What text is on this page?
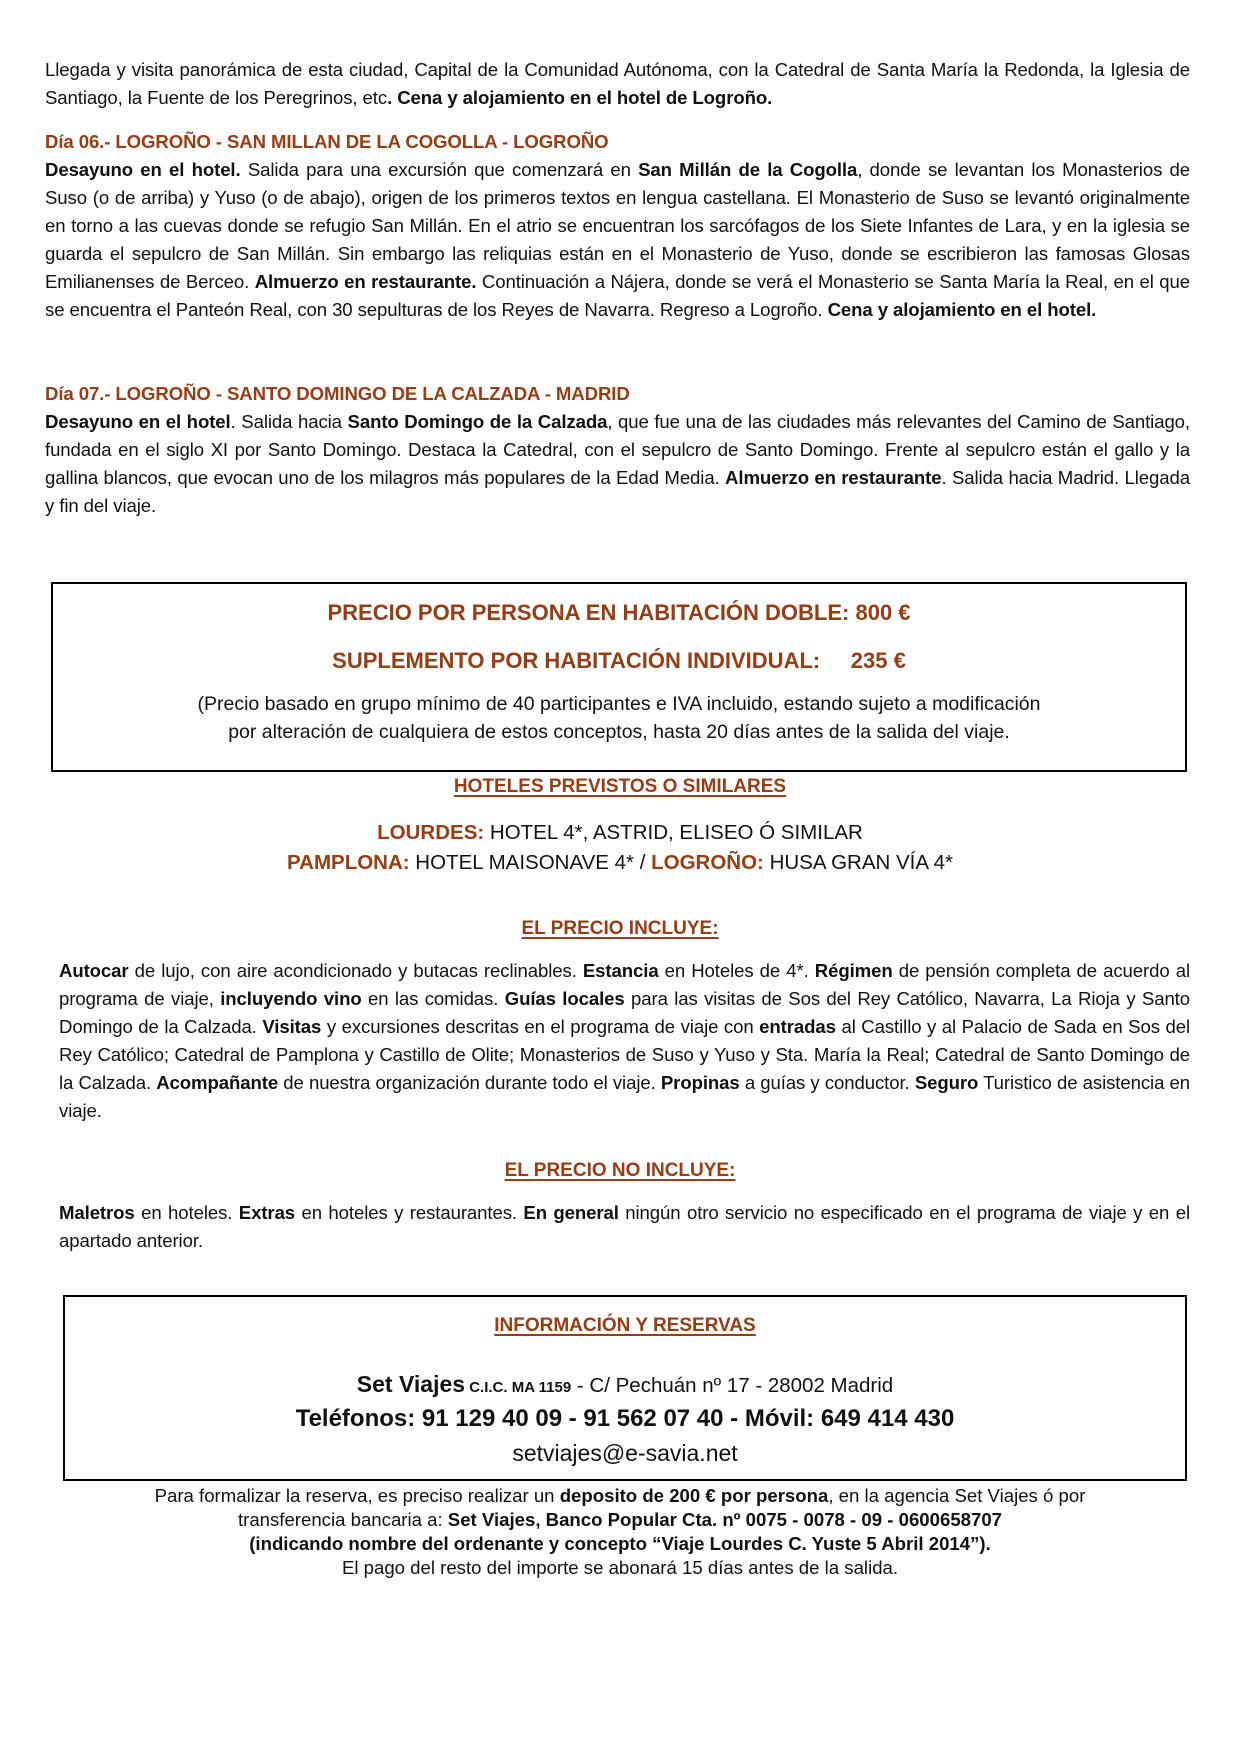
Llegada y visita panorámica de esta ciudad, Capital de la Comunidad Autónoma, con la Catedral de Santa María la Redonda, la Iglesia de Santiago, la Fuente de los Peregrinos, etc. Cena y alojamiento en el hotel de Logroño.
Día 06.- LOGROÑO - SAN MILLAN DE LA COGOLLA - LOGROÑO
Desayuno en el hotel. Salida para una excursión que comenzará en San Millán de la Cogolla, donde se levantan los Monasterios de Suso (o de arriba) y Yuso (o de abajo), origen de los primeros textos en lengua castellana. El Monasterio de Suso se levantó originalmente en torno a las cuevas donde se refugio San Millán. En el atrio se encuentran los sarcófagos de los Siete Infantes de Lara, y en la iglesia se guarda el sepulcro de San Millán. Sin embargo las reliquias están en el Monasterio de Yuso, donde se escribieron las famosas Glosas Emilianenses de Berceo. Almuerzo en restaurante. Continuación a Nájera, donde se verá el Monasterio se Santa María la Real, en el que se encuentra el Panteón Real, con 30 sepulturas de los Reyes de Navarra. Regreso a Logroño. Cena y alojamiento en el hotel.
Día 07.- LOGROÑO - SANTO DOMINGO DE LA CALZADA - MADRID
Desayuno en el hotel. Salida hacia Santo Domingo de la Calzada, que fue una de las ciudades más relevantes del Camino de Santiago, fundada en el siglo XI por Santo Domingo. Destaca la Catedral, con el sepulcro de Santo Domingo. Frente al sepulcro están el gallo y la gallina blancos, que evocan uno de los milagros más populares de la Edad Media. Almuerzo en restaurante. Salida hacia Madrid. Llegada y fin del viaje.
PRECIO POR PERSONA EN HABITACIÓN DOBLE: 800 €
SUPLEMENTO POR HABITACIÓN INDIVIDUAL:     235 €
(Precio basado en grupo mínimo de 40 participantes e IVA incluido, estando sujeto a modificación
por alteración de cualquiera de estos conceptos, hasta 20 días antes de la salida del viaje.
HOTELES PREVISTOS O SIMILARES
LOURDES: HOTEL 4*, ASTRID, ELISEO Ó SIMILAR
PAMPLONA: HOTEL MAISONAVE 4* / LOGROÑO: HUSA GRAN VÍA 4*
EL PRECIO INCLUYE:
Autocar de lujo, con aire acondicionado y butacas reclinables. Estancia en Hoteles de 4*. Régimen de pensión completa de acuerdo al programa de viaje, incluyendo vino en las comidas. Guías locales para las visitas de Sos del Rey Católico, Navarra, La Rioja y Santo Domingo de la Calzada. Visitas y excursiones descritas en el programa de viaje con entradas al Castillo y al Palacio de Sada en Sos del Rey Católico; Catedral de Pamplona y Castillo de Olite; Monasterios de Suso y Yuso y Sta. María la Real; Catedral de Santo Domingo de la Calzada. Acompañante de nuestra organización durante todo el viaje. Propinas a guías y conductor. Seguro Turistico de asistencia en viaje.
EL PRECIO NO INCLUYE:
Maletros en hoteles. Extras en hoteles y restaurantes. En general ningún otro servicio no especificado en el programa de viaje y en el apartado anterior.
INFORMACIÓN Y RESERVAS
Set Viajes C.I.C. MA 1159 - C/ Pechuán nº 17 - 28002 Madrid
Teléfonos: 91 129 40 09 - 91 562 07 40 - Móvil: 649 414 430
setviajes@e-savia.net
Para formalizar la reserva, es preciso realizar un deposito de 200 € por persona, en la agencia Set Viajes ó por
transferencia bancaria a: Set Viajes, Banco Popular Cta. nº 0075 - 0078 - 09 - 0600658707
(indicando nombre del ordenante y concepto “Viaje Lourdes C. Yuste 5 Abril 2014”).
El pago del resto del importe se abonará 15 días antes de la salida.
